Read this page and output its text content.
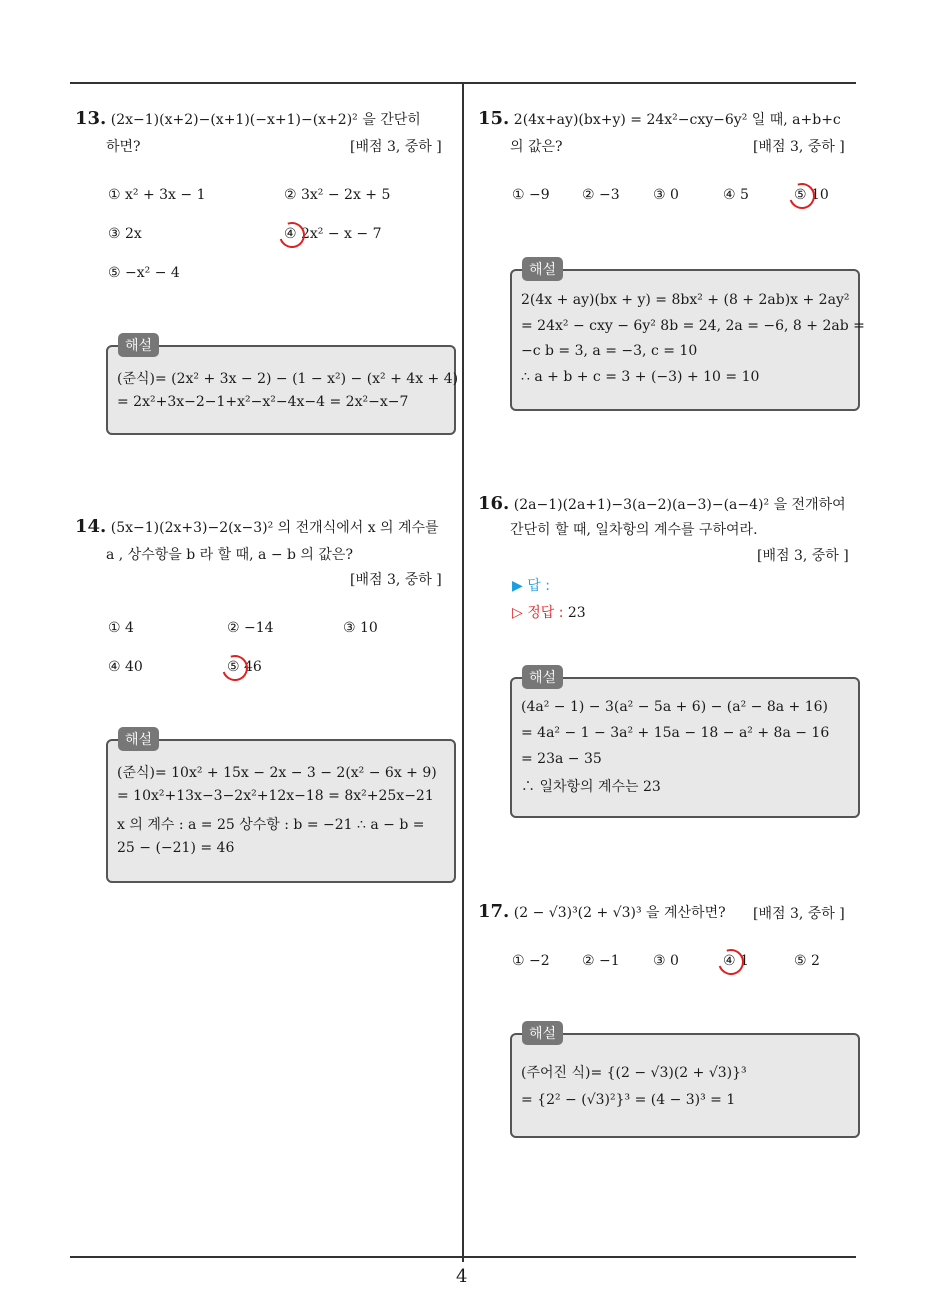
4
13. (2x−1)(x+2)−(x+1)(−x+1)−(x+2)² 을 간단히
하면?	[배점 3, 중하 ]
① x² + 3x − 1	② 3x² − 2x + 5
③ 2x	④ 2x² − x − 7
⑤ −x² − 4
해설
(준식)= (2x² + 3x − 2) − (1 − x²) − (x² + 4x + 4)
= 2x²+3x−2−1+x²−x²−4x−4 = 2x²−x−7
14. (5x−1)(2x+3)−2(x−3)² 의 전개식에서 x 의 계수를
a , 상수항을 b 라 할 때, a − b 의 값은?
[배점 3, 중하 ]
① 4	② −14	③ 10
④ 40	⑤ 46
해설
(준식)= 10x² + 15x − 2x − 3 − 2(x² − 6x + 9)
= 10x²+13x−3−2x²+12x−18 = 8x²+25x−21
x 의 계수 : a = 25 상수항 : b = −21 ∴ a − b =
25 − (−21) = 46
15. 2(4x+ay)(bx+y) = 24x²−cxy−6y² 일 때, a+b+c
의 값은?	[배점 3, 중하 ]
① −9 ② −3 ③ 0	④ 5	⑤ 10
해설
2(4x + ay)(bx + y) = 8bx² + (8 + 2ab)x + 2ay²
= 24x² − cxy − 6y² 8b = 24, 2a = −6, 8 + 2ab =
−c b = 3, a = −3, c = 10
∴ a + b + c = 3 + (−3) + 10 = 10
16. (2a−1)(2a+1)−3(a−2)(a−3)−(a−4)² 을 전개하여
간단히 할 때, 일차항의 계수를 구하여라.
[배점 3, 중하 ]
▶ 답 :
▷ 정답 : 23
해설
(4a² − 1) − 3(a² − 5a + 6) − (a² − 8a + 16)
= 4a² − 1 − 3a² + 15a − 18 − a² + 8a − 16
= 23a − 35
∴ 일차항의 계수는 23
17. (2 − √3)³(2 + √3)³ 을 계산하면?	[배점 3, 중하 ]
① −2 ② −1 ③ 0	④ 1	⑤ 2
해설
(주어진 식)= {(2 − √3)(2 + √3)}³
= {2² − (√3)²}³ = (4 − 3)³ = 1
